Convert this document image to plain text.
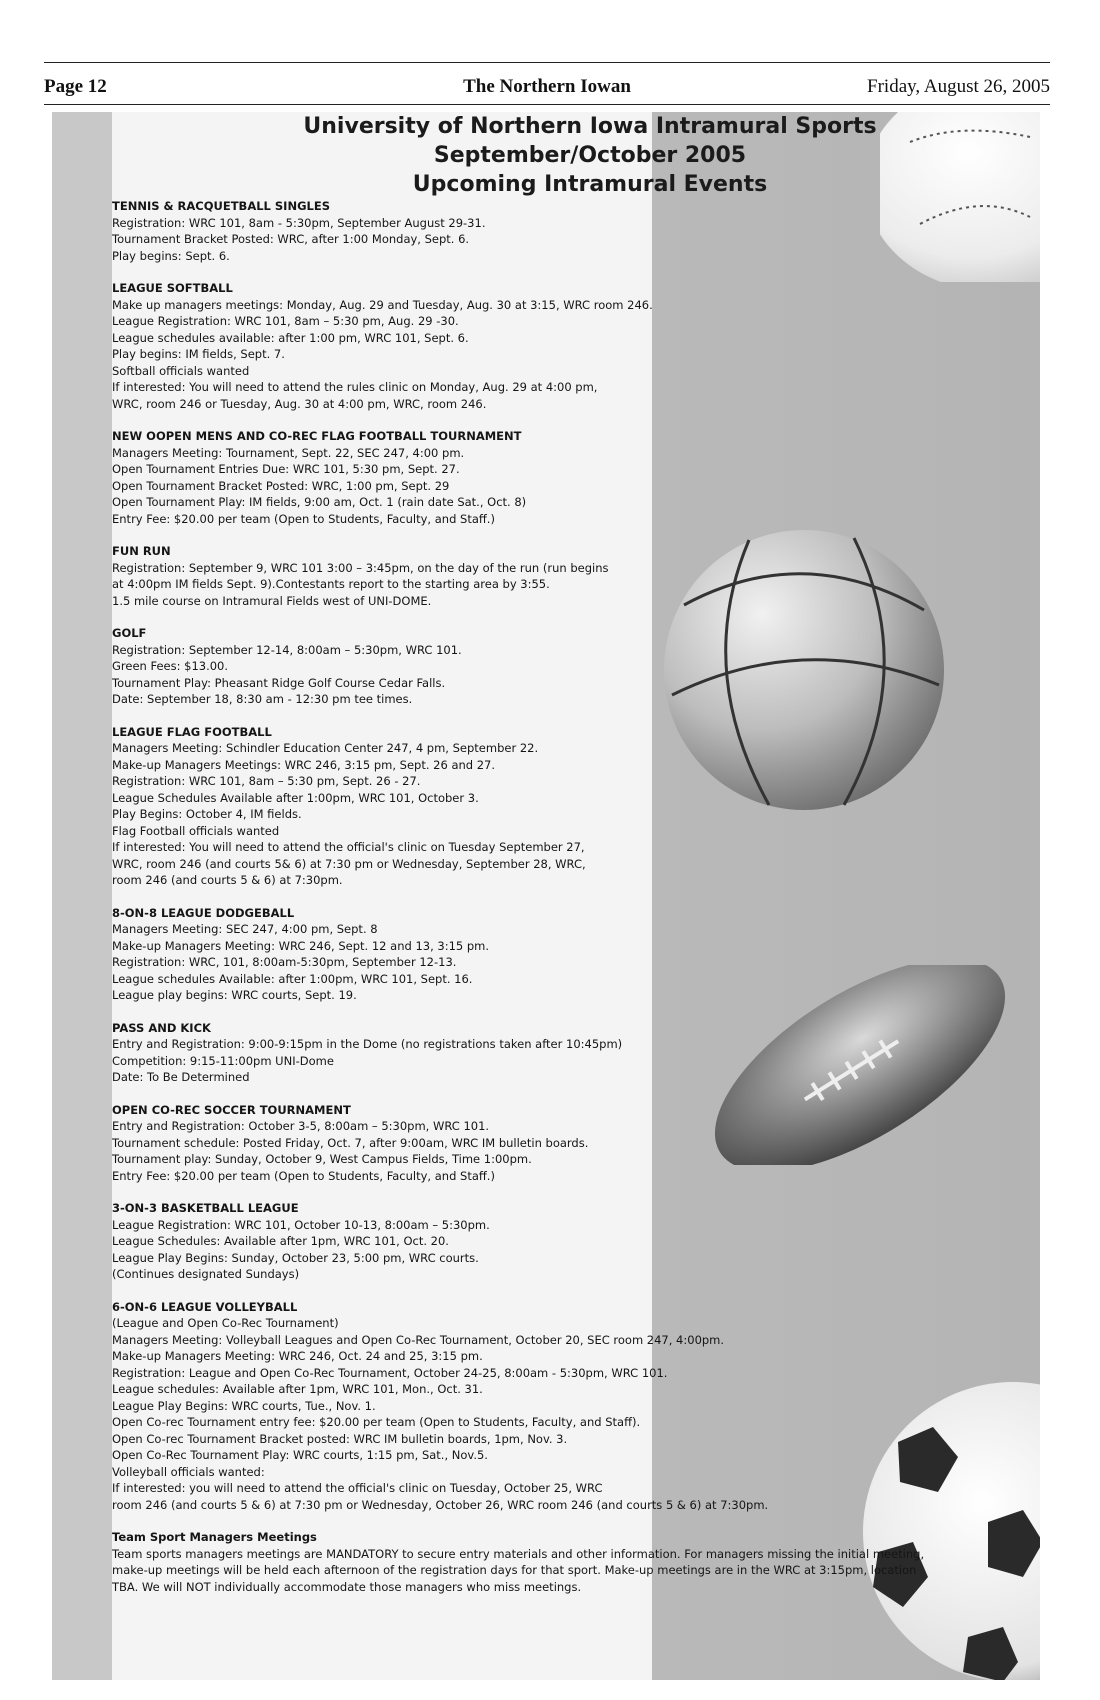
Page 12	The Northern Iowan	Friday, August 26, 2005
University of Northern Iowa Intramural Sports
September/October 2005
Upcoming Intramural Events
TENNIS & RACQUETBALL SINGLES
Registration: WRC 101, 8am - 5:30pm, September August 29-31.
Tournament Bracket Posted: WRC, after 1:00 Monday, Sept. 6.
Play begins: Sept. 6.
LEAGUE SOFTBALL
Make up managers meetings: Monday, Aug. 29 and Tuesday, Aug. 30 at 3:15, WRC room 246.
League Registration: WRC 101, 8am – 5:30 pm, Aug. 29 -30.
League schedules available: after 1:00 pm, WRC 101, Sept. 6.
Play begins: IM fields, Sept. 7.
Softball officials wanted
If interested: You will need to attend the rules clinic on Monday, Aug. 29 at 4:00 pm,
WRC, room 246 or Tuesday, Aug. 30 at 4:00 pm, WRC, room 246.
NEW OOPEN MENS AND CO-REC FLAG FOOTBALL TOURNAMENT
Managers Meeting: Tournament, Sept. 22, SEC 247, 4:00 pm.
Open Tournament Entries Due: WRC 101, 5:30 pm, Sept. 27.
Open Tournament Bracket Posted: WRC, 1:00 pm, Sept. 29
Open Tournament Play: IM fields, 9:00 am, Oct. 1 (rain date Sat., Oct. 8)
Entry Fee: $20.00 per team (Open to Students, Faculty, and Staff.)
FUN RUN
Registration: September 9, WRC 101 3:00 – 3:45pm, on the day of the run (run begins
at 4:00pm IM fields Sept. 9).Contestants report to the starting area by 3:55.
1.5 mile course on Intramural Fields west of UNI-DOME.
GOLF
Registration: September 12-14, 8:00am – 5:30pm, WRC 101.
Green Fees: $13.00.
Tournament Play: Pheasant Ridge Golf Course Cedar Falls.
Date: September 18, 8:30 am - 12:30 pm tee times.
LEAGUE FLAG FOOTBALL
Managers Meeting: Schindler Education Center 247, 4 pm, September 22.
Make-up Managers Meetings: WRC 246, 3:15 pm, Sept. 26 and 27.
Registration: WRC 101, 8am – 5:30 pm, Sept. 26 - 27.
League Schedules Available after 1:00pm, WRC 101, October 3.
Play Begins: October 4, IM fields.
Flag Football officials wanted
If interested: You will need to attend the official's clinic on Tuesday September 27,
WRC, room 246 (and courts 5& 6) at 7:30 pm or Wednesday, September 28, WRC,
room 246 (and courts 5 & 6) at 7:30pm.
8-ON-8 LEAGUE DODGEBALL
Managers Meeting: SEC 247, 4:00 pm, Sept. 8
Make-up Managers Meeting: WRC 246, Sept. 12 and 13, 3:15 pm.
Registration: WRC, 101, 8:00am-5:30pm, September 12-13.
League schedules Available: after 1:00pm, WRC 101, Sept. 16.
League play begins: WRC courts, Sept. 19.
PASS AND KICK
Entry and Registration: 9:00-9:15pm in the Dome (no registrations taken after 10:45pm)
Competition: 9:15-11:00pm UNI-Dome
Date: To Be Determined
OPEN CO-REC SOCCER TOURNAMENT
Entry and Registration: October 3-5, 8:00am – 5:30pm, WRC 101.
Tournament schedule: Posted Friday, Oct. 7, after 9:00am, WRC IM bulletin boards.
Tournament play: Sunday, October 9, West Campus Fields, Time 1:00pm.
Entry Fee: $20.00 per team (Open to Students, Faculty, and Staff.)
3-ON-3 BASKETBALL LEAGUE
League Registration: WRC 101, October 10-13, 8:00am – 5:30pm.
League Schedules: Available after 1pm, WRC 101, Oct. 20.
League Play Begins: Sunday, October 23, 5:00 pm, WRC courts.
(Continues designated Sundays)
6-ON-6 LEAGUE VOLLEYBALL
(League and Open Co-Rec Tournament)
Managers Meeting: Volleyball Leagues and Open Co-Rec Tournament, October 20, SEC room 247, 4:00pm.
Make-up Managers Meeting: WRC 246, Oct. 24 and 25, 3:15 pm.
Registration: League and Open Co-Rec Tournament, October 24-25, 8:00am - 5:30pm, WRC 101.
League schedules: Available after 1pm, WRC 101, Mon., Oct. 31.
League Play Begins: WRC courts, Tue., Nov. 1.
Open Co-rec Tournament entry fee: $20.00 per team (Open to Students, Faculty, and Staff).
Open Co-rec Tournament Bracket posted: WRC IM bulletin boards, 1pm, Nov. 3.
Open Co-Rec Tournament Play: WRC courts, 1:15 pm, Sat., Nov.5.
Volleyball officials wanted:
If interested: you will need to attend the official's clinic on Tuesday, October 25, WRC
room 246 (and courts 5 & 6) at 7:30 pm or Wednesday, October 26, WRC room 246 (and courts 5 & 6) at 7:30pm.
Team Sport Managers Meetings
Team sports managers meetings are MANDATORY to secure entry materials and other information. For managers missing the initial meeting,
make-up meetings will be held each afternoon of the registration days for that sport. Make-up meetings are in the WRC at 3:15pm, location
TBA. We will NOT individually accommodate those managers who miss meetings.
